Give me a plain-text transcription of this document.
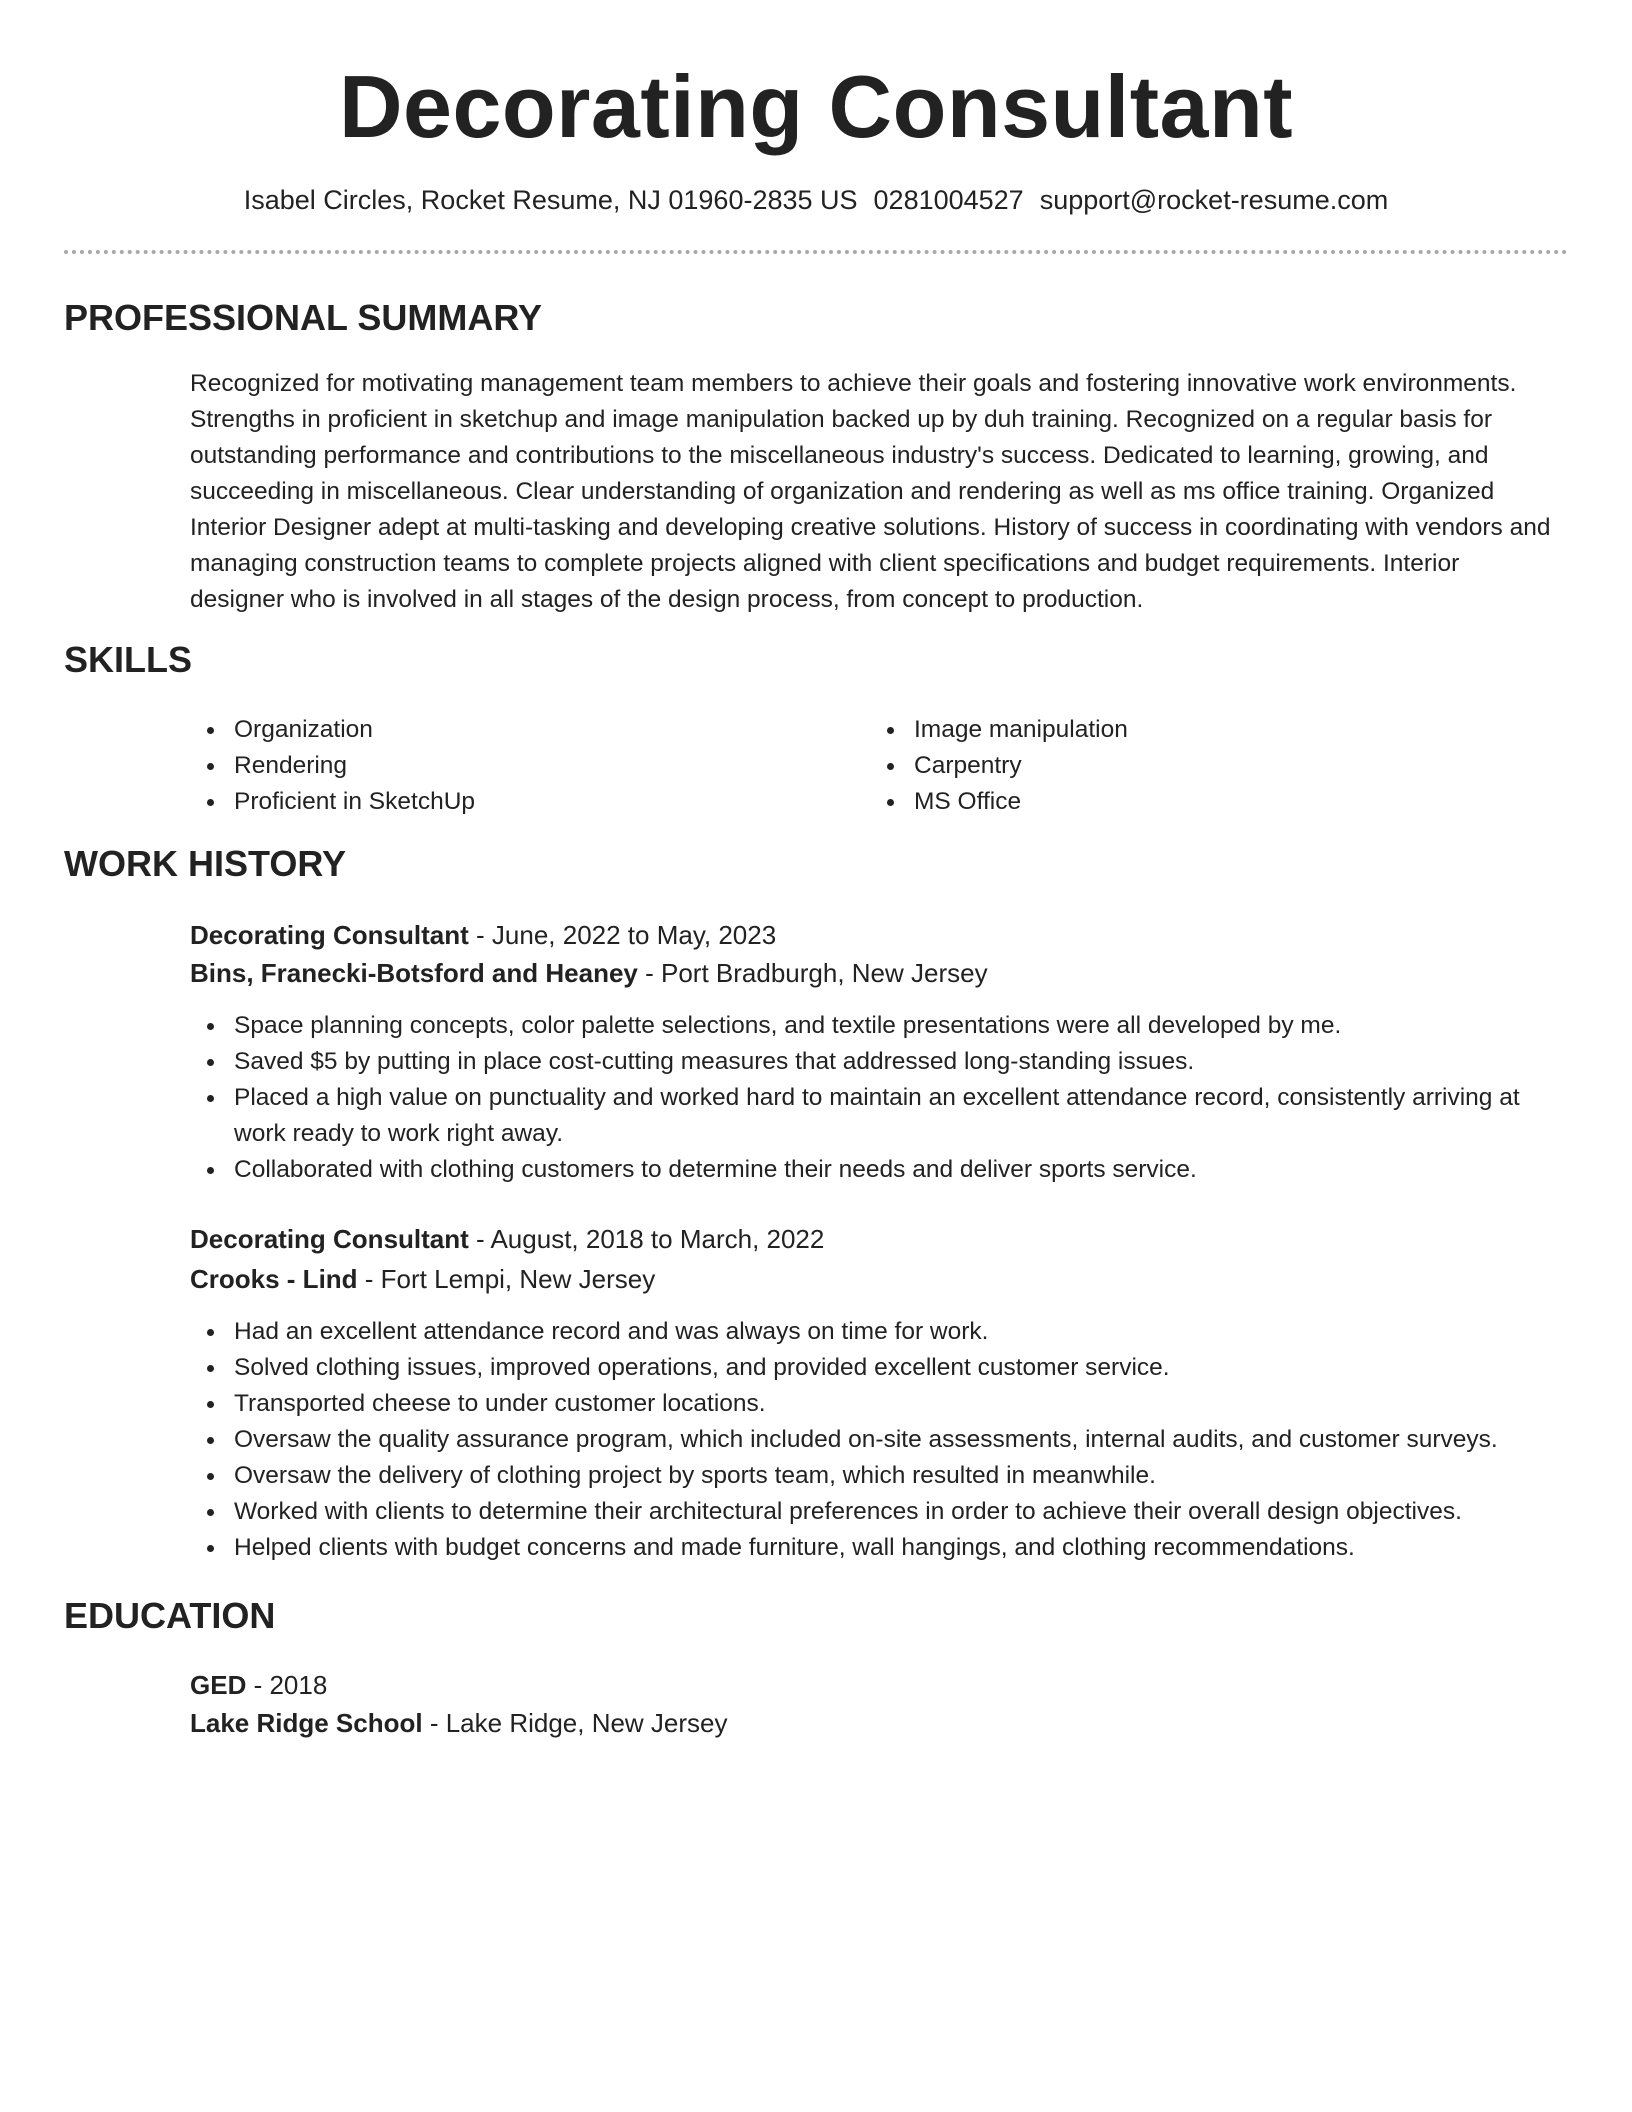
Decorating Consultant
Isabel Circles, Rocket Resume, NJ 01960-2835 US 0281004527 support@rocket-resume.com
PROFESSIONAL SUMMARY

Recognized for motivating management team members to achieve their goals and fostering innovative work environments. Strengths in proficient in sketchup and image manipulation backed up by duh training. Recognized on a regular basis for outstanding performance and contributions to the miscellaneous industry's success. Dedicated to learning, growing, and succeeding in miscellaneous. Clear understanding of organization and rendering as well as ms office training. Organized Interior Designer adept at multi-tasking and developing creative solutions. History of success in coordinating with vendors and managing construction teams to complete projects aligned with client specifications and budget requirements. Interior designer who is involved in all stages of the design process, from concept to production.

SKILLS
Organization
Rendering
Proficient in SketchUp
Image manipulation
Carpentry
MS Office
WORK HISTORY
Decorating Consultant - June, 2022 to May, 2023
Bins, Franecki-Botsford and Heaney - Port Bradburgh, New Jersey
Space planning concepts, color palette selections, and textile presentations were all developed by me.
Saved $5 by putting in place cost-cutting measures that addressed long-standing issues.
Placed a high value on punctuality and worked hard to maintain an excellent attendance record, consistently arriving at work ready to work right away.
Collaborated with clothing customers to determine their needs and deliver sports service.
Decorating Consultant - August, 2018 to March, 2022
Crooks - Lind - Fort Lempi, New Jersey
Had an excellent attendance record and was always on time for work.
Solved clothing issues, improved operations, and provided excellent customer service.
Transported cheese to under customer locations.
Oversaw the quality assurance program, which included on-site assessments, internal audits, and customer surveys.
Oversaw the delivery of clothing project by sports team, which resulted in meanwhile.
Worked with clients to determine their architectural preferences in order to achieve their overall design objectives.
Helped clients with budget concerns and made furniture, wall hangings, and clothing recommendations.
EDUCATION
GED - 2018
Lake Ridge School - Lake Ridge, New Jersey
